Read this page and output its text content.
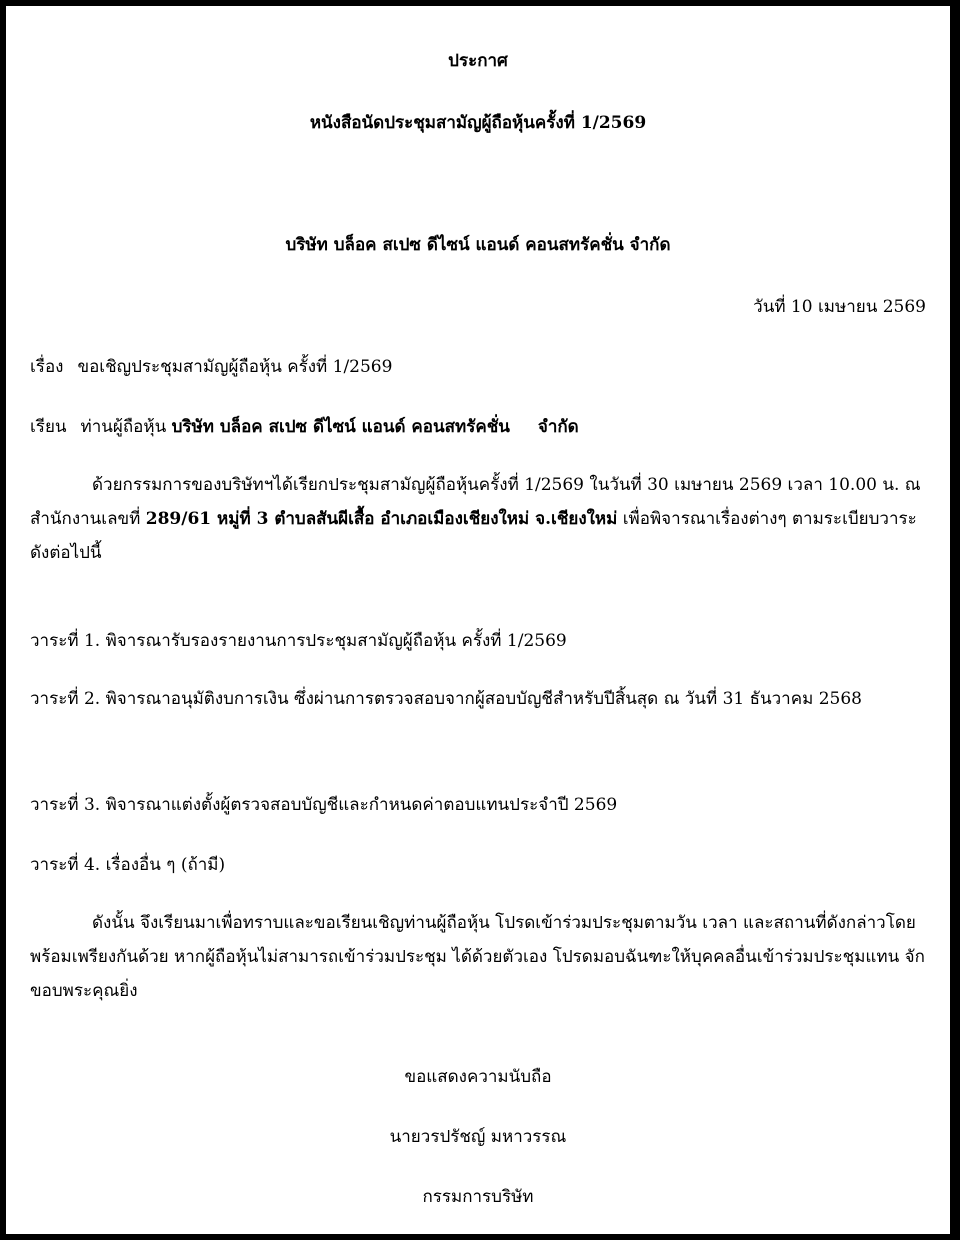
ประกาศ
หนังสือนัดประชุมสามัญผู้ถือหุ้นครั้งที่ 1/2569
บริษัท บล็อค สเปซ ดีไซน์ แอนด์ คอนสทรัคชั่น จำกัด
วันที่ 10 เมษายน 2569
เรื่อง ขอเชิญประชุมสามัญผู้ถือหุ้น ครั้งที่ 1/2569
เรียน ท่านผู้ถือหุ้น บริษัท บล็อค สเปซ ดีไซน์ แอนด์ คอนสทรัคชั่น จำกัด
ด้วยกรรมการของบริษัทฯได้เรียกประชุมสามัญผู้ถือหุ้นครั้งที่ 1/2569 ในวันที่ 30 เมษายน 2569 เวลา 10.00 น. ณ สำนักงานเลขที่ 289/61 หมู่ที่ 3 ตำบลสันผีเสื้อ อำเภอเมืองเชียงใหม่ จ.เชียงใหม่ เพื่อพิจารณาเรื่องต่างๆ ตามระเบียบวาระดังต่อไปนี้
วาระที่ 1. พิจารณารับรองรายงานการประชุมสามัญผู้ถือหุ้น ครั้งที่ 1/2569
วาระที่ 2. พิจารณาอนุมัติงบการเงิน ซึ่งผ่านการตรวจสอบจากผู้สอบบัญชีสำหรับปีสิ้นสุด ณ วันที่ 31 ธันวาคม 2568
วาระที่ 3. พิจารณาแต่งตั้งผู้ตรวจสอบบัญชีและกำหนดค่าตอบแทนประจำปี 2569
วาระที่ 4. เรื่องอื่น ๆ (ถ้ามี)
ดังนั้น จึงเรียนมาเพื่อทราบและขอเรียนเชิญท่านผู้ถือหุ้น โปรดเข้าร่วมประชุมตามวัน เวลา และสถานที่ดังกล่าวโดยพร้อมเพรียงกันด้วย หากผู้ถือหุ้นไม่สามารถเข้าร่วมประชุม ได้ด้วยตัวเอง โปรดมอบฉันฑะให้บุคคลอื่นเข้าร่วมประชุมแทน จักขอบพระคุณยิ่ง
ขอแสดงความนับถือ
นายวรปรัชญ์ มหาวรรณ
กรรมการบริษัท
